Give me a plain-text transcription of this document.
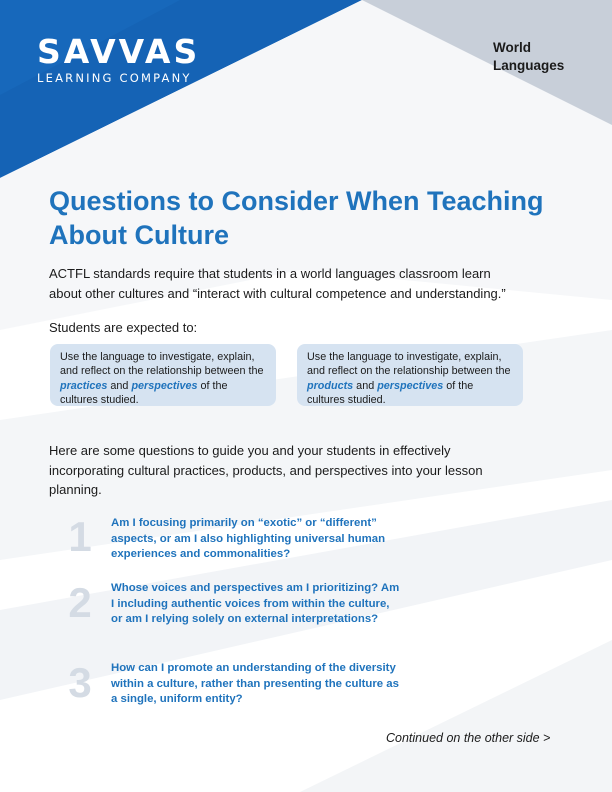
SAVVAS
LEARNING COMPANY
World Languages
Questions to Consider When Teaching About Culture

ACTFL standards require that students in a world languages classroom learn about other cultures and “interact with cultural competence and understanding.”

Students are expected to:

Use the language to investigate, explain, and reflect on the relationship between the practices and perspectives of the cultures studied.
Use the language to investigate, explain, and reflect on the relationship between the products and perspectives of the cultures studied.

Here are some questions to guide you and your students in effectively incorporating cultural practices, products, and perspectives into your lesson planning.

1	Am I focusing primarily on “exotic” or “different” aspects, or am I also highlighting universal human experiences and commonalities?
2	Whose voices and perspectives am I prioritizing? Am I including authentic voices from within the culture, or am I relying solely on external interpretations?
3	How can I promote an understanding of the diversity within a culture, rather than presenting the culture as a single, uniform entity?
Continued on the other side >
